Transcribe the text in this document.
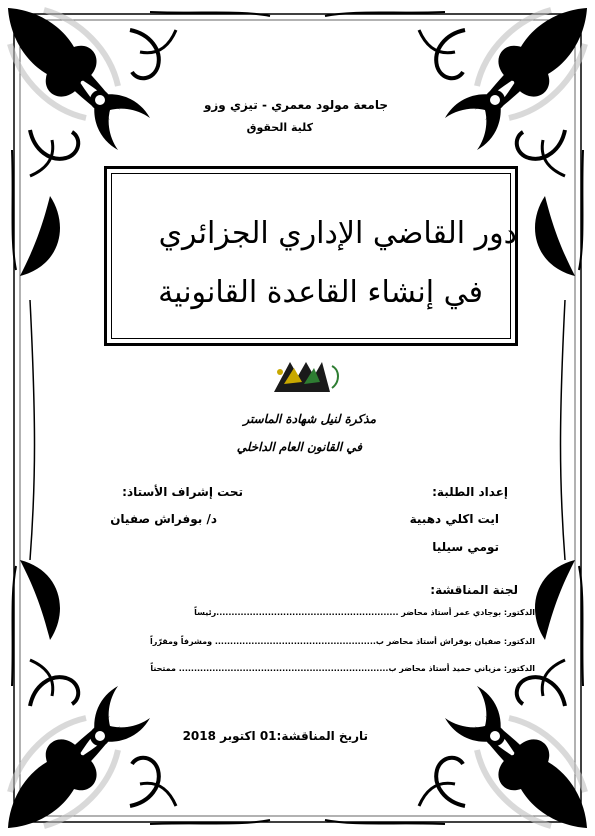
جامعة مولود معمري - تيزي وزو
كلية الحقوق
دور القاضي الإداري الجزائري
في إنشاء القاعدة القانونية
مذكرة لنيل شهادة الماستر
في القانون العام الداخلي
إعداد الطلبة:
ايت اكلي دهبية
تومي سيليا
تحت إشراف الأستاذ:
د/ بوفراش صفيان
لجنة المناقشة:
الدكتور: بوجادي عمر أستاذ محاضر ............................................................رئيساً
الدكتور: صفيان بوفراش أستاذ محاضر ب..................................................... ومشرفاً ومقرّراً
الدكتور: مزياني حميد أستاذ محاضر ب..................................................................... ممتحناً
تاريخ المناقشة:01 اكتوبر 2018
